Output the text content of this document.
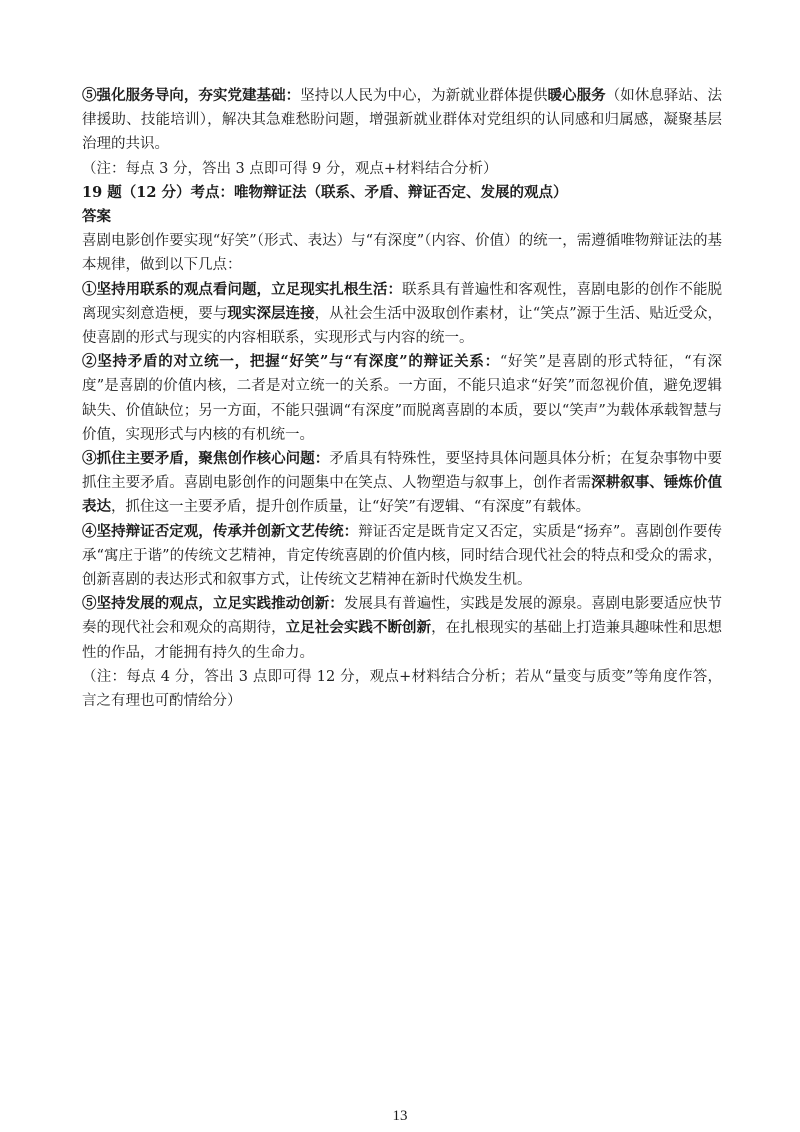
⑤强化服务导向，夯实党建基础：坚持以人民为中心，为新就业群体提供暖心服务（如休息驿站、法律援助、技能培训），解决其急难愁盼问题，增强新就业群体对党组织的认同感和归属感，凝聚基层治理的共识。

（注：每点 3 分，答出 3 点即可得 9 分，观点+材料结合分析）

19 题（12 分）考点：唯物辩证法（联系、矛盾、辩证否定、发展的观点）

答案

喜剧电影创作要实现“好笑”（形式、表达）与“有深度”（内容、价值）的统一，需遵循唯物辩证法的基本规律，做到以下几点：

①坚持用联系的观点看问题，立足现实扎根生活：联系具有普遍性和客观性，喜剧电影的创作不能脱离现实刻意造梗，要与现实深层连接，从社会生活中汲取创作素材，让“笑点”源于生活、贴近受众，使喜剧的形式与现实的内容相联系，实现形式与内容的统一。

②坚持矛盾的对立统一，把握“好笑”与“有深度”的辩证关系：“好笑”是喜剧的形式特征，“有深度”是喜剧的价值内核，二者是对立统一的关系。一方面，不能只追求“好笑”而忽视价值，避免逻辑缺失、价值缺位；另一方面，不能只强调“有深度”而脱离喜剧的本质，要以“笑声”为载体承载智慧与价值，实现形式与内核的有机统一。

③抓住主要矛盾，聚焦创作核心问题：矛盾具有特殊性，要坚持具体问题具体分析；在复杂事物中要抓住主要矛盾。喜剧电影创作的问题集中在笑点、人物塑造与叙事上，创作者需深耕叙事、锤炼价值表达，抓住这一主要矛盾，提升创作质量，让“好笑”有逻辑、“有深度”有载体。

④坚持辩证否定观，传承并创新文艺传统：辩证否定是既肯定又否定，实质是“扬弃”。喜剧创作要传承“寓庄于谐”的传统文艺精神，肯定传统喜剧的价值内核，同时结合现代社会的特点和受众的需求，创新喜剧的表达形式和叙事方式，让传统文艺精神在新时代焕发生机。

⑤坚持发展的观点，立足实践推动创新：发展具有普遍性，实践是发展的源泉。喜剧电影要适应快节奏的现代社会和观众的高期待，立足社会实践不断创新，在扎根现实的基础上打造兼具趣味性和思想性的作品，才能拥有持久的生命力。

（注：每点 4 分，答出 3 点即可得 12 分，观点+材料结合分析；若从“量变与质变”等角度作答，言之有理也可酌情给分）

13
